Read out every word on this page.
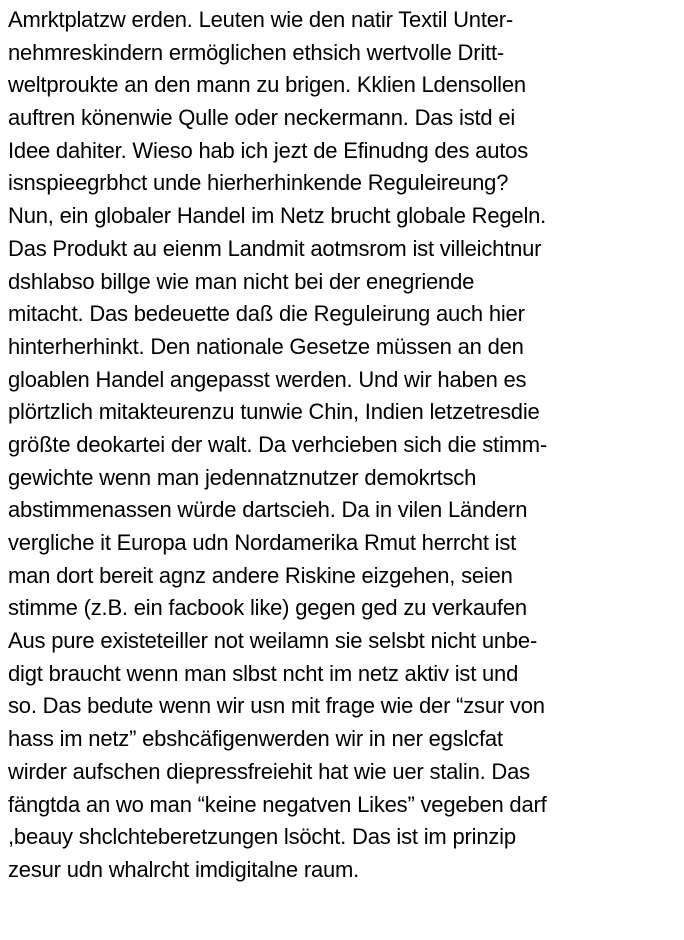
Amrktplatzw erden. Leuten wie den natir Textil Unter-
nehmreskindern ermöglichen ethsich wertvolle Dritt-
weltproukte an den mann zu brigen. Kklien Ldensollen
auftren könenwie Qulle oder neckermann. Das istd ei
Idee dahiter. Wieso hab ich jezt de Efinudng des autos
isnspieegrbhct unde hierherhinkende Reguleireung?
Nun, ein globaler Handel im Netz brucht globale Regeln.
Das Produkt au eienm Landmit aotmsrom ist villeichtnur
dshlabso billge wie man nicht bei der enegriende
mitacht. Das bedeuette daß die Reguleirung auch hier
hinterherhinkt. Den nationale Gesetze müssen an den
gloablen Handel angepasst werden. Und wir haben es
plörtzlich mitakteurenzu tunwie Chin, Indien letzetresdie
größte deokartei der walt. Da verhcieben sich die stimm-
gewichte wenn man jedennatznutzer demokrtsch
abstimmenassen würde dartscieh. Da in vilen Ländern
vergliche it Europa udn Nordamerika Rmut herrcht ist
man dort bereit agnz andere Riskine eizgehen, seien
stimme (z.B. ein facbook like) gegen ged zu verkaufen
Aus pure existeteiller not weilamn sie selsbt nicht unbe-
digt braucht wenn man slbst ncht im netz aktiv ist und
so. Das bedute wenn wir usn mit frage wie der “zsur von
hass im netz” ebshcäfigenwerden wir in ner egslcfat
wirder aufschen diepressfreiehit hat wie uer stalin. Das
fängtda an wo man “keine negatven Likes” vegeben darf
,beauy shclchteberetzungen lsöcht. Das ist im prinzip
zesur udn whalrcht imdigitalne raum.
